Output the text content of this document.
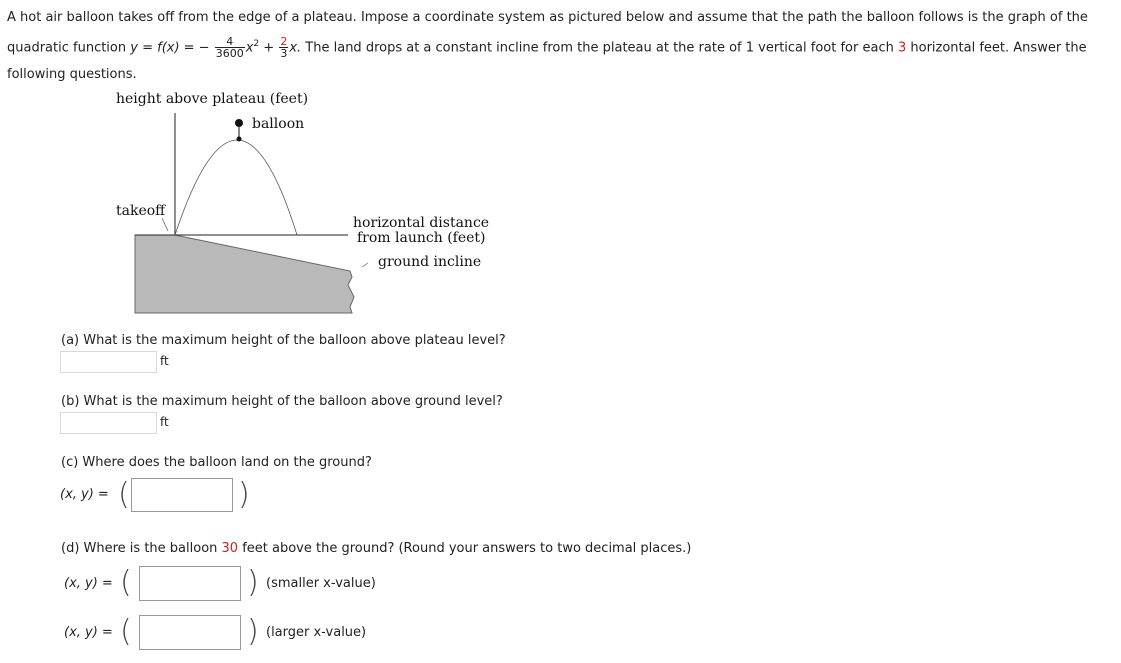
A hot air balloon takes off from the edge of a plateau. Impose a coordinate system as pictured below and assume that the path the balloon follows is the graph of the quadratic function y = f(x) = − $\frac{4}{3600} x^2 + \frac{2}{3} x$. The land drops at a constant incline from the plateau at the rate of 1 vertical foot for each 3 horizontal feet. Answer the following questions.
height above plateau (feet)
balloon
takeoff
horizontal distance
from launch (feet)
ground incline
(a) What is the maximum height of the balloon above plateau level?
ft
(b) What is the maximum height of the balloon above ground level?
ft
(c) Where does the balloon land on the ground?
(x, y) = (	)
(d) Where is the balloon 30 feet above the ground? (Round your answers to two decimal places.)
(x, y) = (	) (smaller x-value)
(x, y) = (	) (larger x-value)
